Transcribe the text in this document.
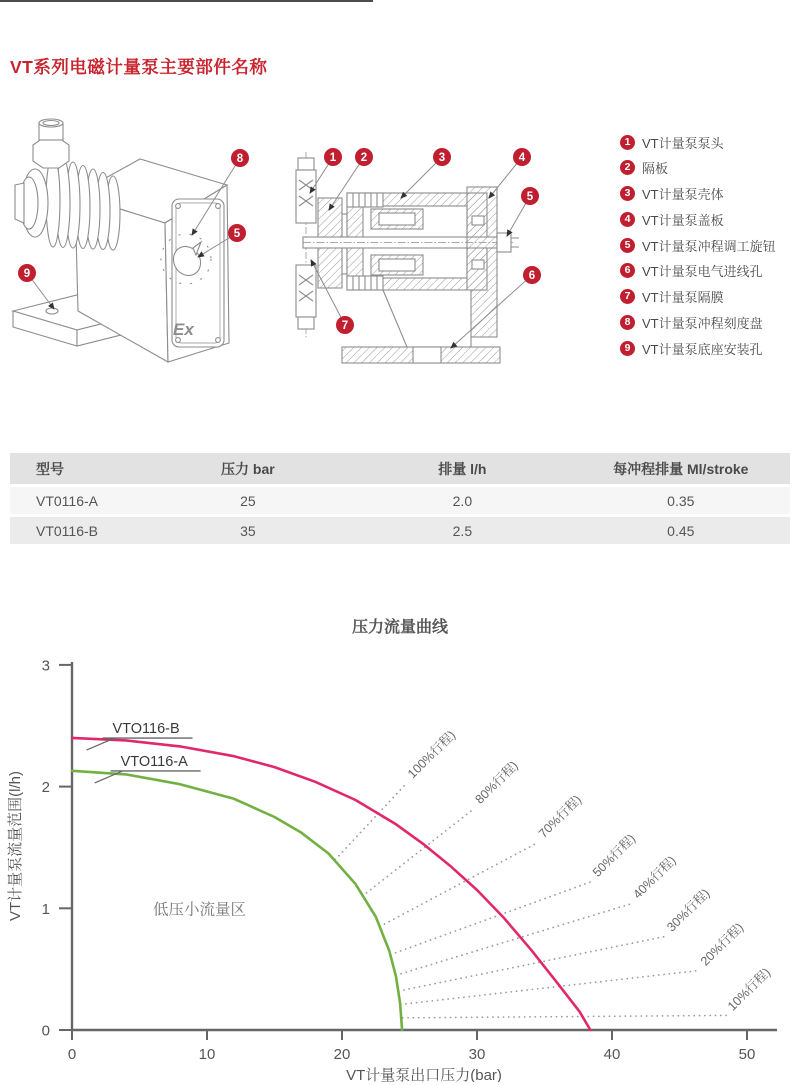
VT系列电磁计量泵主要部件名称
Ex
8
5
9
1 2	3	4
5
6
7
1 VT计量泵泵头
2 隔板
3 VT计量泵壳体
4 VT计量泵盖板
5 VT计量泵冲程调工旋钮
6 VT计量泵电气进线孔
7 VT计量泵隔膜
8 VT计量泵冲程刻度盘
9 VT计量泵底座安装孔
型号	压力 bar	排量 l/h	每冲程排量 Ml/stroke
VT0116-A	25	2.0	0.35
VT0116-B	35	2.5	0.45
压力流量曲线
0
1
2
3
0	10	20	30	40	50
VT计量泵出口压力(bar)
VT计量泵流量范围(l/h)
100%行程)
80%行程)
70%行程)
50%行程)
40%行程)
30%行程)
20%行程)
10%行程)
VTO116-B
VTO116-A
低压小流量区
